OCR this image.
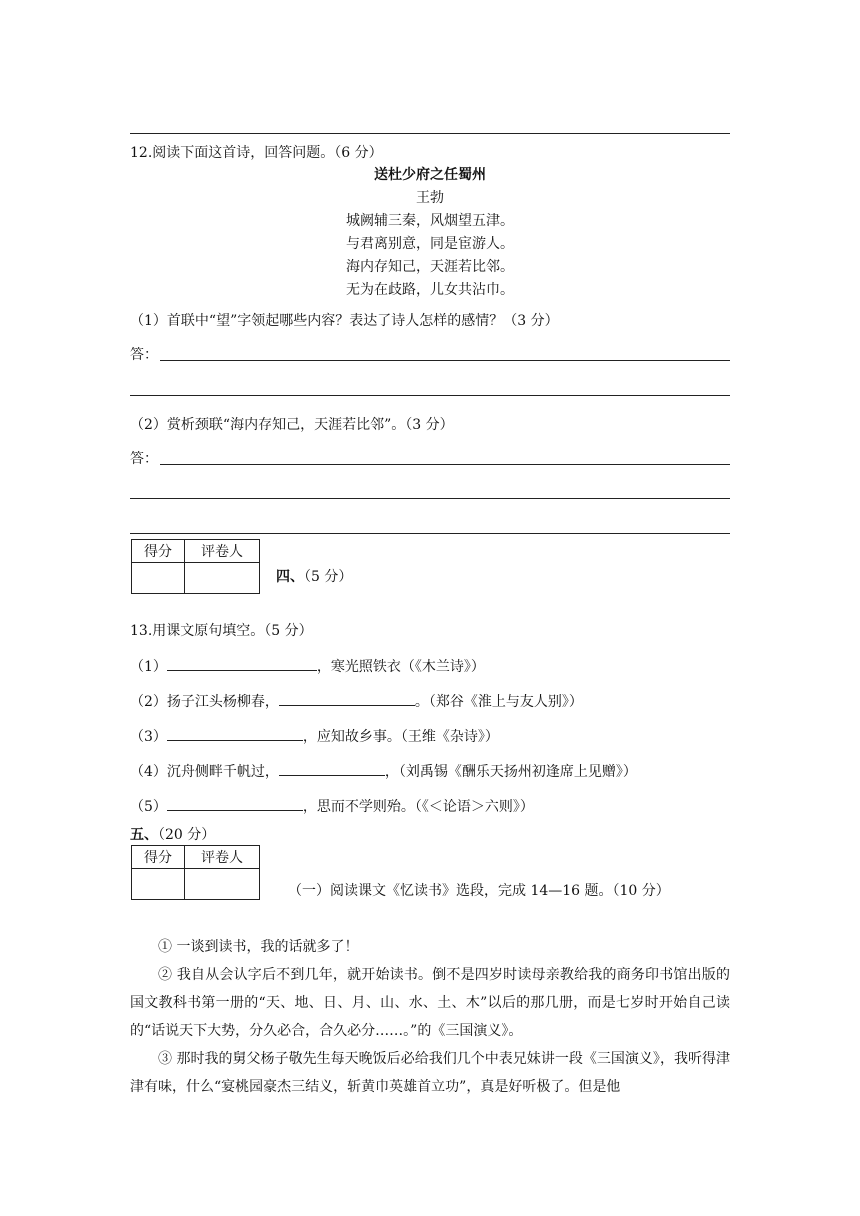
12.阅读下面这首诗，回答问题。（6 分）
送杜少府之任蜀州
王勃
城阙辅三秦，风烟望五津。
与君离别意，同是宦游人。
海内存知己，天涯若比邻。
无为在歧路，儿女共沾巾。
（1）首联中“望”字领起哪些内容？表达了诗人怎样的感情？（3 分）
答：
（2）赏析颈联“海内存知己，天涯若比邻”。（3 分）
答：
得分	评卷人

四、（5 分）
13.用课文原句填空。（5 分）
（1）	，寒光照铁衣（《木兰诗》）
（2）扬子江头杨柳春，	。（郑谷《淮上与友人别》）
（3）	，应知故乡事。（王维《杂诗》）
（4）沉舟侧畔千帆过，	，（刘禹锡《酬乐天扬州初逢席上见赠》）
（5）	，思而不学则殆。（《＜论语＞六则》）
五、（20 分）
得分	评卷人

（一）阅读课文《忆读书》选段，完成 14—16 题。（10 分）

① 一谈到读书，我的话就多了！

② 我自从会认字后不到几年，就开始读书。倒不是四岁时读母亲教给我的商务印书馆出版的国文教科书第一册的“天、地、日、月、山、水、土、木”以后的那几册，而是七岁时开始自己读的“话说天下大势，分久必合，合久必分……。”的《三国演义》。

③ 那时我的舅父杨子敬先生每天晚饭后必给我们几个中表兄妹讲一段《三国演义》，我听得津津有味，什么“宴桃园豪杰三结义，斩黄巾英雄首立功”，真是好听极了。但是他
